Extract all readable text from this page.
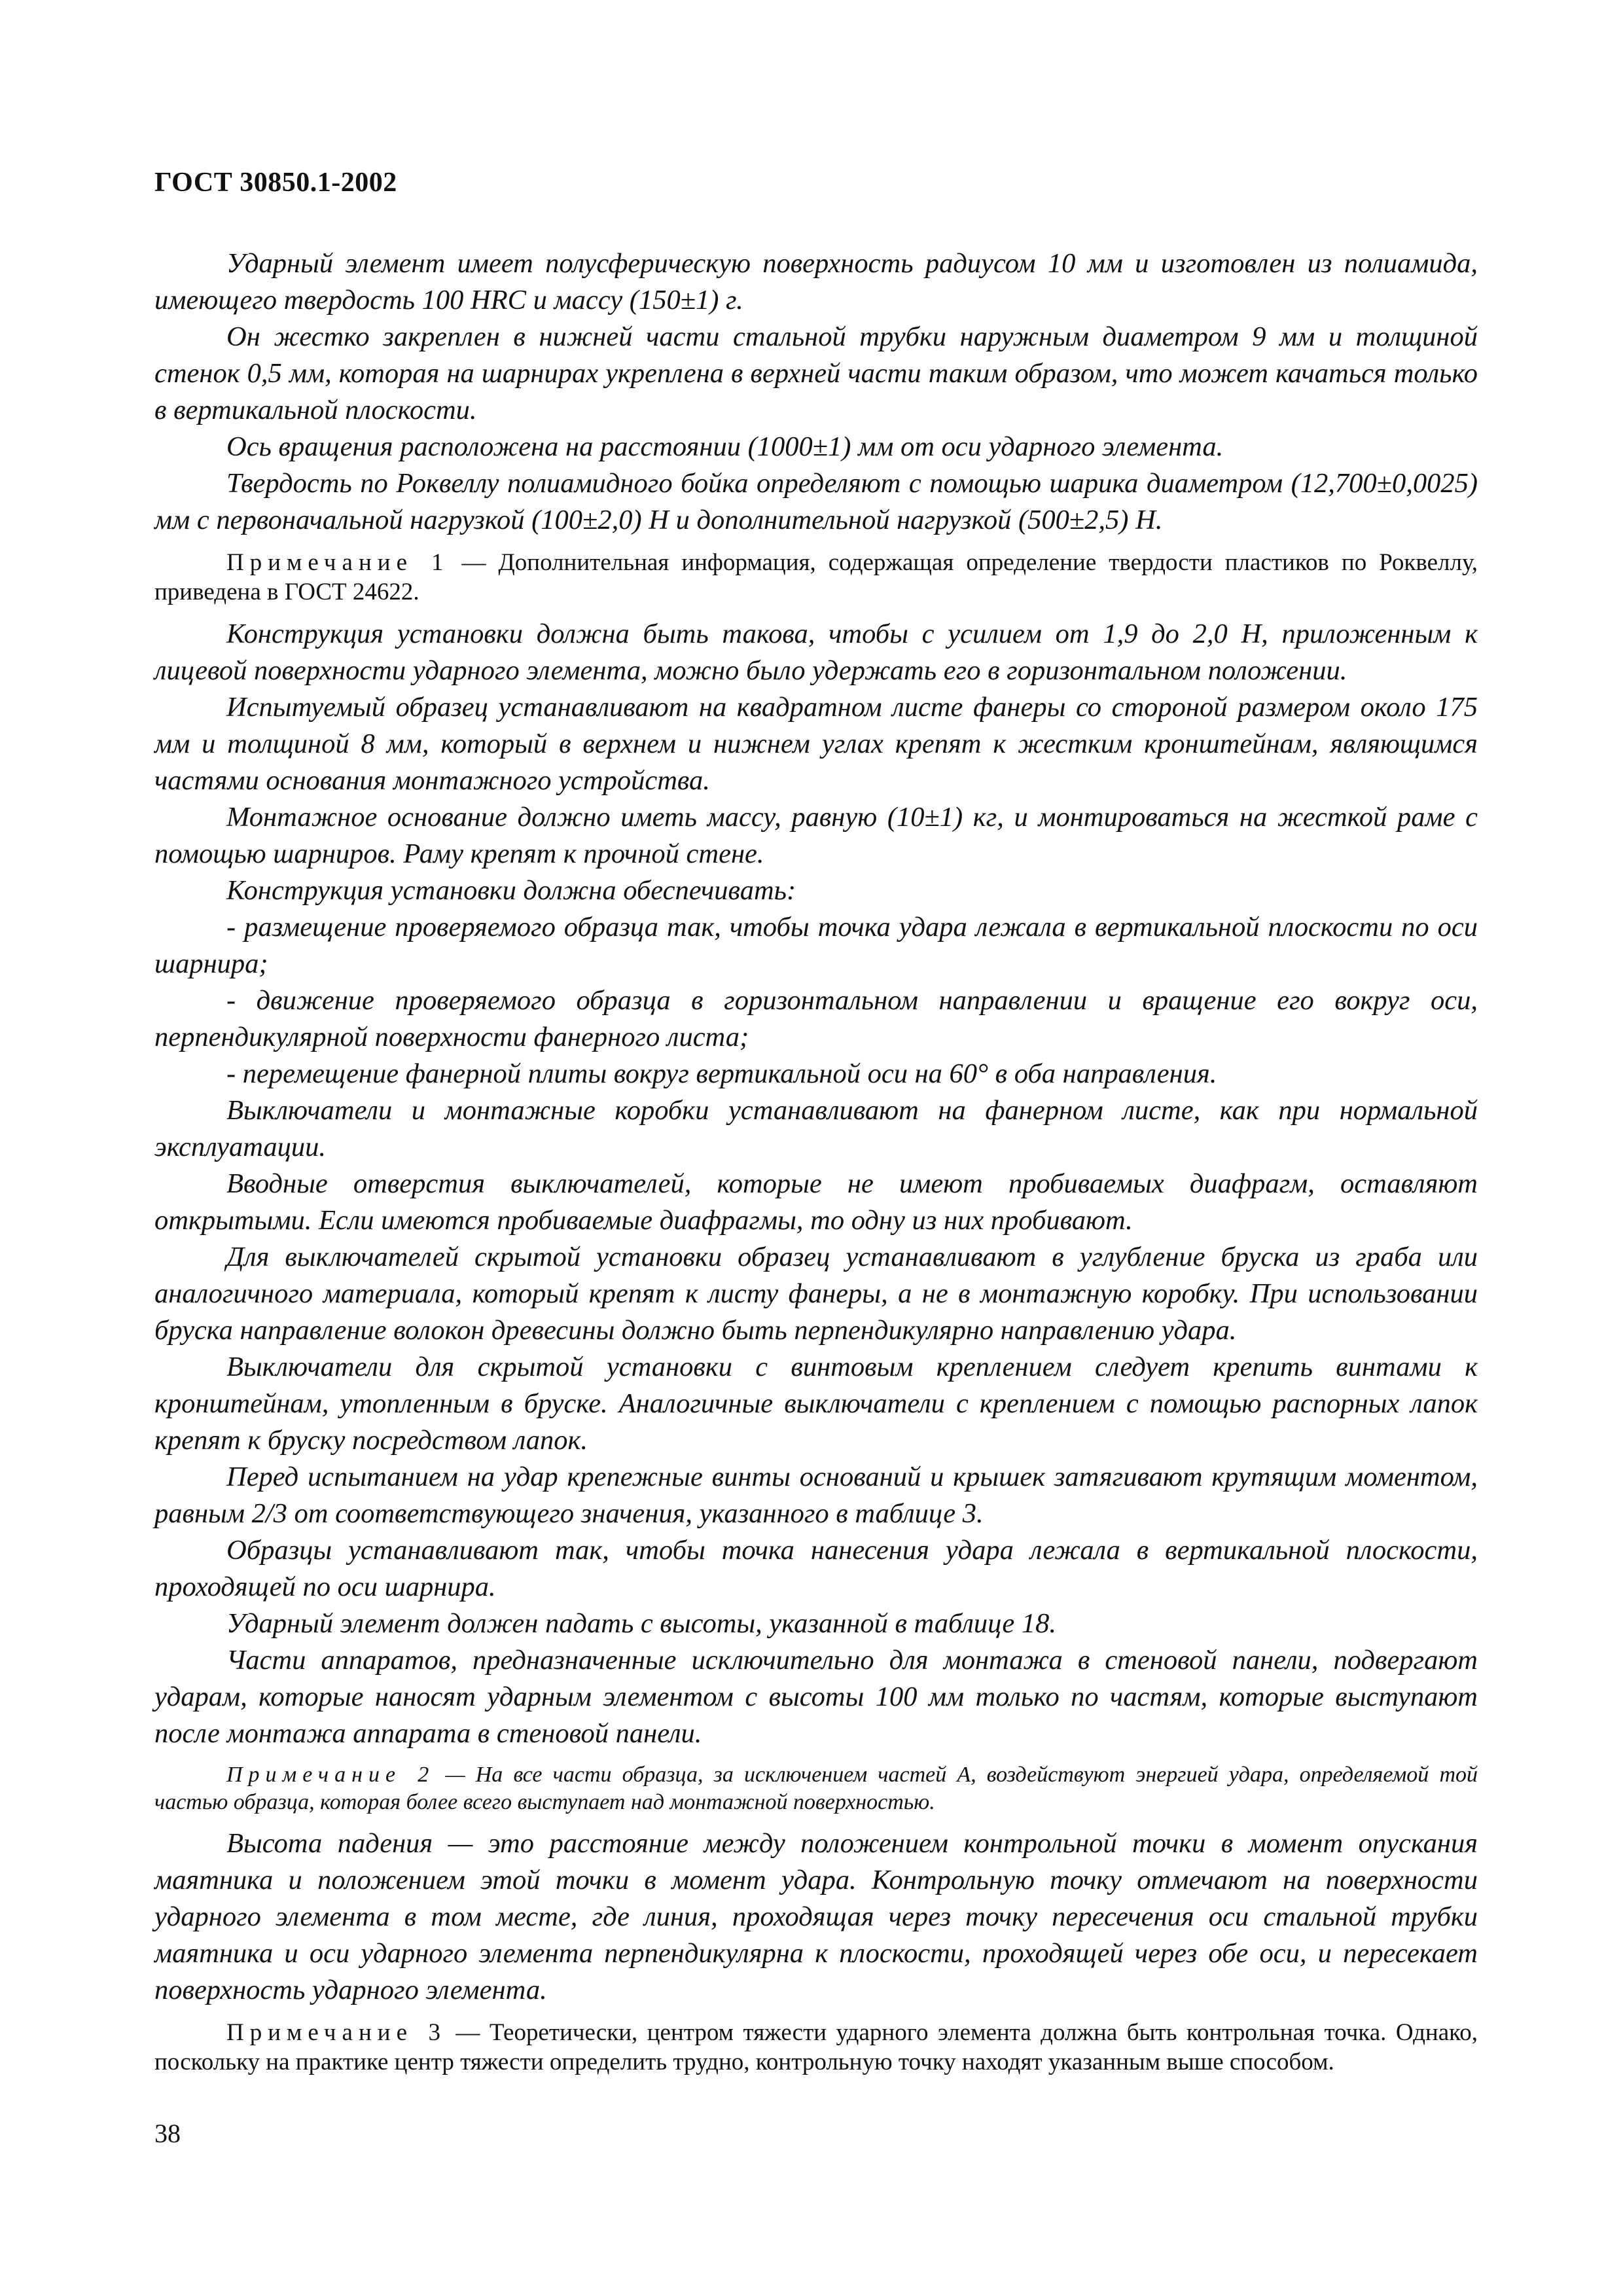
ГОСТ 30850.1-2002

Ударный элемент имеет полусферическую поверхность радиусом 10 мм и изготовлен из полиамида, имеющего твердость 100 HRC и массу (150±1) г.

Он жестко закреплен в нижней части стальной трубки наружным диаметром 9 мм и толщиной стенок 0,5 мм, которая на шарнирах укреплена в верхней части таким образом, что может качаться только в вертикальной плоскости.

Ось вращения расположена на расстоянии (1000±1) мм от оси ударного элемента.

Твердость по Роквеллу полиамидного бойка определяют с помощью шарика диаметром (12,700±0,0025) мм с первоначальной нагрузкой (100±2,0) Н и дополнительной нагрузкой (500±2,5) Н.

Примечание 1 — Дополнительная информация, содержащая определение твердости пластиков по Роквеллу, приведена в ГОСТ 24622.

Конструкция установки должна быть такова, чтобы с усилием от 1,9 до 2,0 Н, приложенным к лицевой поверхности ударного элемента, можно было удержать его в горизонтальном положении.

Испытуемый образец устанавливают на квадратном листе фанеры со стороной размером около 175 мм и толщиной 8 мм, который в верхнем и нижнем углах крепят к жестким кронштейнам, являющимся частями основания монтажного устройства.

Монтажное основание должно иметь массу, равную (10±1) кг, и монтироваться на жесткой раме с помощью шарниров. Раму крепят к прочной стене.

Конструкция установки должна обеспечивать:

- размещение проверяемого образца так, чтобы точка удара лежала в вертикальной плоскости по оси шарнира;

- движение проверяемого образца в горизонтальном направлении и вращение его вокруг оси, перпендикулярной поверхности фанерного листа;

- перемещение фанерной плиты вокруг вертикальной оси на 60° в оба направления.

Выключатели и монтажные коробки устанавливают на фанерном листе, как при нормальной эксплуатации.

Вводные отверстия выключателей, которые не имеют пробиваемых диафрагм, оставляют открытыми. Если имеются пробиваемые диафрагмы, то одну из них пробивают.

Для выключателей скрытой установки образец устанавливают в углубление бруска из граба или аналогичного материала, который крепят к листу фанеры, а не в монтажную коробку. При использовании бруска направление волокон древесины должно быть перпендикулярно направлению удара.

Выключатели для скрытой установки с винтовым креплением следует крепить винтами к кронштейнам, утопленным в бруске. Аналогичные выключатели с креплением с помощью распорных лапок крепят к бруску посредством лапок.

Перед испытанием на удар крепежные винты оснований и крышек затягивают крутящим моментом, равным 2/3 от соответствующего значения, указанного в таблице 3.

Образцы устанавливают так, чтобы точка нанесения удара лежала в вертикальной плоскости, проходящей по оси шарнира.

Ударный элемент должен падать с высоты, указанной в таблице 18.

Части аппаратов, предназначенные исключительно для монтажа в стеновой панели, подвергают ударам, которые наносят ударным элементом с высоты 100 мм только по частям, которые выступают после монтажа аппарата в стеновой панели.

Примечание 2 — На все части образца, за исключением частей А, воздействуют энергией удара, определяемой той частью образца, которая более всего выступает над монтажной поверхностью.

Высота падения — это расстояние между положением контрольной точки в момент опускания маятника и положением этой точки в момент удара. Контрольную точку отмечают на поверхности ударного элемента в том месте, где линия, проходящая через точку пересечения оси стальной трубки маятника и оси ударного элемента перпендикулярна к плоскости, проходящей через обе оси, и пересекает поверхность ударного элемента.

Примечание 3 — Теоретически, центром тяжести ударного элемента должна быть контрольная точка. Однако, поскольку на практике центр тяжести определить трудно, контрольную точку находят указанным выше способом.

38
